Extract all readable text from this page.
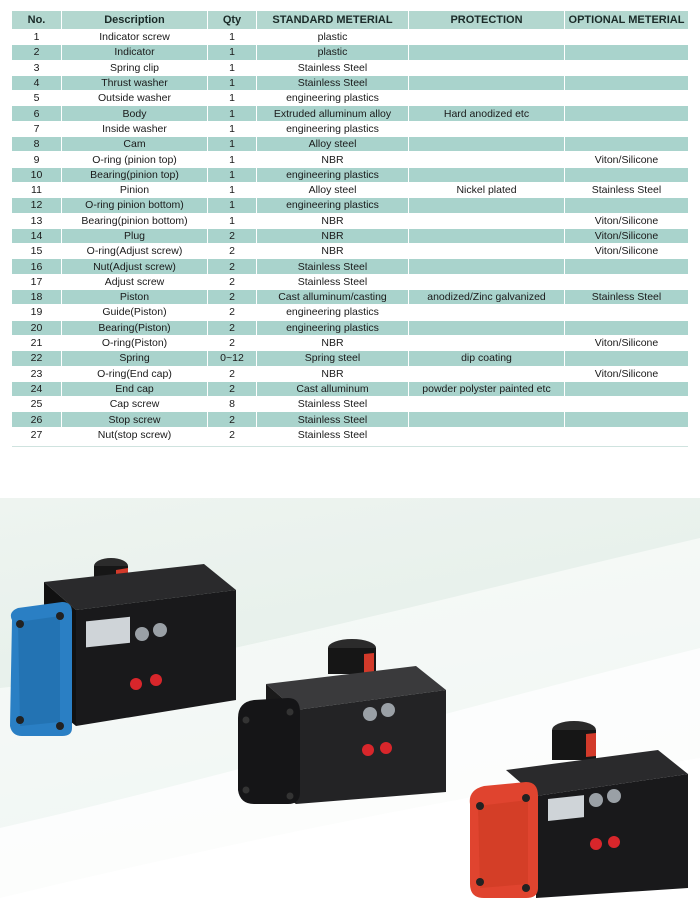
No.	Description	Qty	STANDARD METERIAL	PROTECTION	OPTIONAL METERIAL
1	Indicator screw	1	plastic		
2	Indicator	1	plastic		
3	Spring clip	1	Stainless Steel		
4	Thrust washer	1	Stainless Steel		
5	Outside washer	1	engineering plastics		
6	Body	1	Extruded alluminum alloy	Hard anodized etc	
7	Inside washer	1	engineering plastics		
8	Cam	1	Alloy steel		
9	O-ring (pinion top)	1	NBR		Viton/Silicone
10	Bearing(pinion top)	1	engineering plastics		
11	Pinion	1	Alloy steel	Nickel plated	Stainless Steel
12	O-ring pinion bottom)	1	engineering plastics		
13	Bearing(pinion bottom)	1	NBR		Viton/Silicone
14	Plug	2	NBR		Viton/Silicone
15	O-ring(Adjust screw)	2	NBR		Viton/Silicone
16	Nut(Adjust screw)	2	Stainless Steel		
17	Adjust screw	2	Stainless Steel		
18	Piston	2	Cast alluminum/casting	anodized/Zinc galvanized	Stainless Steel
19	Guide(Piston)	2	engineering plastics		
20	Bearing(Piston)	2	engineering plastics		
21	O-ring(Piston)	2	NBR		Viton/Silicone
22	Spring	0~12	Spring steel	dip coating	
23	O-ring(End cap)	2	NBR		Viton/Silicone
24	End cap	2	Cast alluminum	powder polyster painted etc	
25	Cap screw	8	Stainless Steel		
26	Stop screw	2	Stainless Steel		
27	Nut(stop screw)	2	Stainless Steel		
